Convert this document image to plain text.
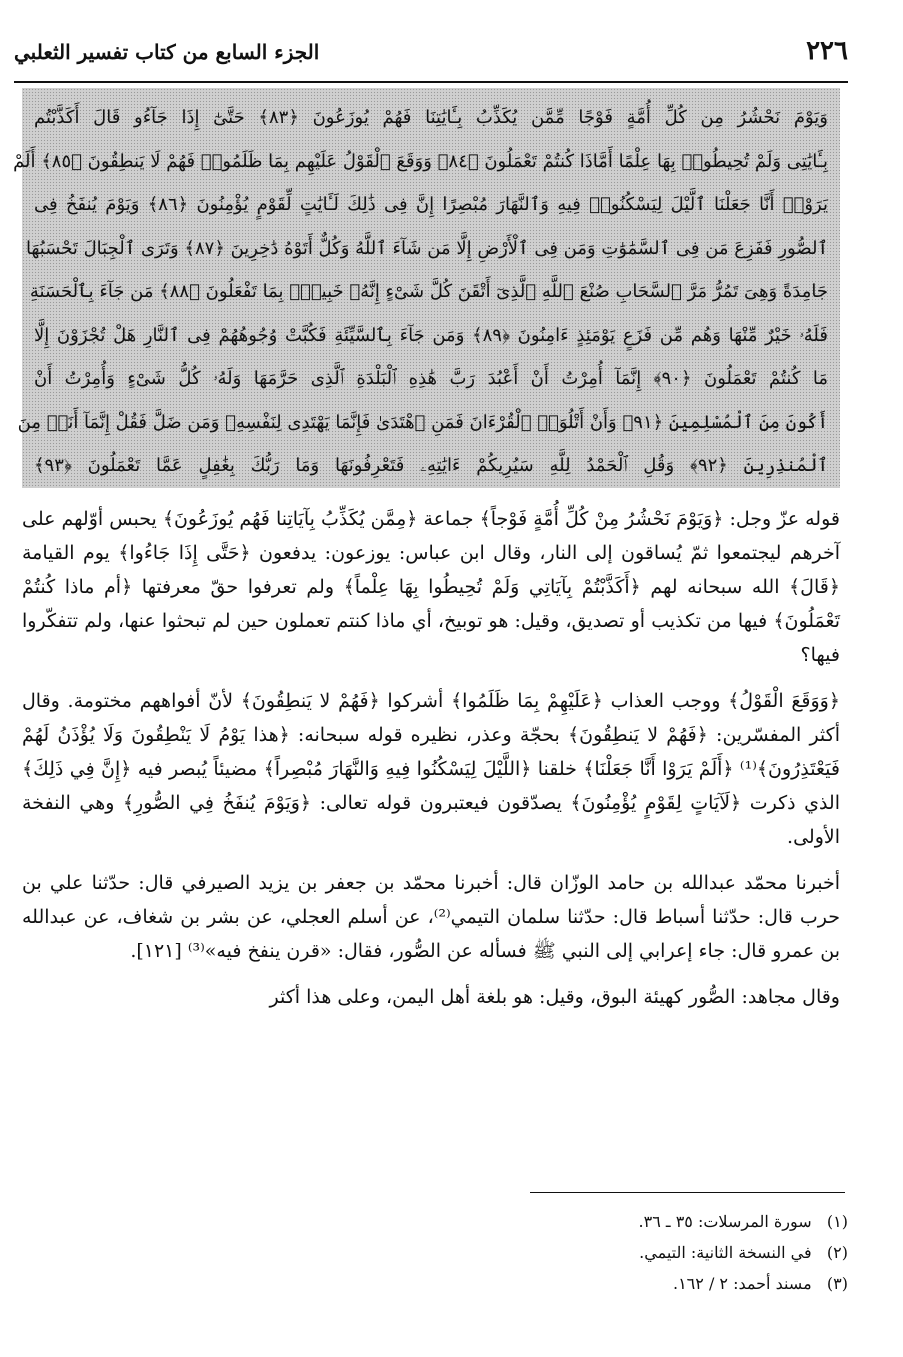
٢٢٦
الجزء السابع من كتاب تفسير الثعلبي
وَيَوْمَ نَحْشُرُ مِن كُلِّ أُمَّةٍ فَوْجًا مِّمَّن يُكَذِّبُ بِـَٔايَٰتِنَا فَهُمْ يُوزَعُونَ ﴿٨٣﴾ حَتَّىٰٓ إِذَا جَآءُو قَالَ أَكَذَّبْتُم
بِـَٔايَٰتِى وَلَمْ تُحِيطُوا۟ بِهَا عِلْمًا أَمَّاذَا كُنتُمْ تَعْمَلُونَ ﴿٨٤﴾ وَوَقَعَ ٱلْقَوْلُ عَلَيْهِم بِمَا ظَلَمُوا۟ فَهُمْ لَا يَنطِقُونَ ﴿٨٥﴾ أَلَمْ
يَرَوْا۟ أَنَّا جَعَلْنَا ٱلَّيْلَ لِيَسْكُنُوا۟ فِيهِ وَٱلنَّهَارَ مُبْصِرًا إِنَّ فِى ذَٰلِكَ لَـَٔايَٰتٍ لِّقَوْمٍ يُؤْمِنُونَ ﴿٨٦﴾ وَيَوْمَ يُنفَخُ فِى
ٱلصُّورِ فَفَزِعَ مَن فِى ٱلسَّمَٰوَٰتِ وَمَن فِى ٱلْأَرْضِ إِلَّا مَن شَآءَ ٱللَّهُ وَكُلٌّ أَتَوْهُ دَٰخِرِينَ ﴿٨٧﴾ وَتَرَى ٱلْجِبَالَ تَحْسَبُهَا
جَامِدَةً وَهِىَ تَمُرُّ مَرَّ ٱلسَّحَابِ صُنْعَ ٱللَّهِ ٱلَّذِىٓ أَتْقَنَ كُلَّ شَىْءٍ إِنَّهُۥ خَبِيرٌۢ بِمَا تَفْعَلُونَ ﴿٨٨﴾ مَن جَآءَ بِٱلْحَسَنَةِ
فَلَهُۥ خَيْرٌ مِّنْهَا وَهُم مِّن فَزَعٍ يَوْمَئِذٍ ءَامِنُونَ ﴿٨٩﴾ وَمَن جَآءَ بِٱلسَّيِّئَةِ فَكُبَّتْ وُجُوهُهُمْ فِى ٱلنَّارِ هَلْ تُجْزَوْنَ إِلَّا
مَا كُنتُمْ تَعْمَلُونَ ﴿٩٠﴾ إِنَّمَآ أُمِرْتُ أَنْ أَعْبُدَ رَبَّ هَٰذِهِ ٱلْبَلْدَةِ ٱلَّذِى حَرَّمَهَا وَلَهُۥ كُلُّ شَىْءٍ وَأُمِرْتُ أَنْ
أَكُونَ مِنَ ٱلْمُسْلِمِينَ ﴿٩١﴾ وَأَنْ أَتْلُوَا۟ ٱلْقُرْءَانَ فَمَنِ ٱهْتَدَىٰ فَإِنَّمَا يَهْتَدِى لِنَفْسِهِۦ وَمَن ضَلَّ فَقُلْ إِنَّمَآ أَنَا۠ مِنَ
ٱلْمُنذِرِينَ ﴿٩٢﴾ وَقُلِ ٱلْحَمْدُ لِلَّهِ سَيُرِيكُمْ ءَايَٰتِهِۦ فَتَعْرِفُونَهَا وَمَا رَبُّكَ بِغَٰفِلٍ عَمَّا تَعْمَلُونَ ﴿٩٣﴾

قوله عزّ وجل: ﴿وَيَوْمَ نَحْشُرُ مِنْ كُلِّ أُمَّةٍ فَوْجاً﴾ جماعة ﴿مِمَّن يُكَذِّبُ بِآيَاتِنا فَهُم يُوزَعُونَ﴾ يحبس أوّلهم على آخرهم ليجتمعوا ثمّ يُساقون إلى النار، وقال ابن عباس: يوزعون: يدفعون ﴿حَتَّى إِذَا جَاءُوا﴾ يوم القيامة ﴿قَالَ﴾ الله سبحانه لهم ﴿أَكَذَّبْتُمْ بِآيَاتِي وَلَمْ تُحِيطُوا بِهَا عِلْماً﴾ ولم تعرفوا حقّ معرفتها ﴿أم ماذا كُنتُمْ تَعْمَلُونَ﴾ فيها من تكذيب أو تصديق، وقيل: هو توبيخ، أي ماذا كنتم تعملون حين لم تبحثوا عنها، ولم تتفكّروا فيها؟

﴿وَوَقَعَ الْقَوْلُ﴾ ووجب العذاب ﴿عَلَيْهِمْ بِمَا ظَلَمُوا﴾ أشركوا ﴿فَهُمْ لا يَنطِقُونَ﴾ لأنّ أفواههم مختومة. وقال أكثر المفسّرين: ﴿فَهُمْ لا يَنطِقُونَ﴾ بحجّة وعذر، نظيره قوله سبحانه: ﴿هذا يَوْمُ لَا يَنْطِقُونَ وَلَا يُؤْذَنُ لَهُمْ فَيَعْتَذِرُونَ﴾⁽¹⁾ ﴿أَلَمْ يَرَوْا أَنَّا جَعَلْنَا﴾ خلقنا ﴿اللَّيْلَ لِيَسْكُنُوا فِيهِ وَالنَّهَارَ مُبْصِراً﴾ مضيئاً يُبصر فيه ﴿إِنَّ فِي ذَلِكَ﴾ الذي ذكرت ﴿لَآيَاتٍ لِقَوْمٍ يُؤْمِنُونَ﴾ يصدّقون فيعتبرون قوله تعالى: ﴿وَيَوْمَ يُنفَخُ فِي الصُّورِ﴾ وهي النفخة الأولى.

أخبرنا محمّد عبدالله بن حامد الوزّان قال: أخبرنا محمّد بن جعفر بن يزيد الصيرفي قال: حدّثنا علي بن حرب قال: حدّثنا أسباط قال: حدّثنا سلمان التيمي⁽²⁾، عن أسلم العجلي، عن بشر بن شغاف، عن عبدالله بن عمرو قال: جاء إعرابي إلى النبي ﷺ فسأله عن الصُّور، فقال: «قرن ينفخ فيه»⁽³⁾ [١٢١].

وقال مجاهد: الصُّور كهيئة البوق، وقيل: هو بلغة أهل اليمن، وعلى هذا أكثر

(١)   سورة المرسلات: ٣٥ ـ ٣٦.
(٢)   في النسخة الثانية: التيمي.
(٣)   مسند أحمد: ٢ / ١٦٢.
